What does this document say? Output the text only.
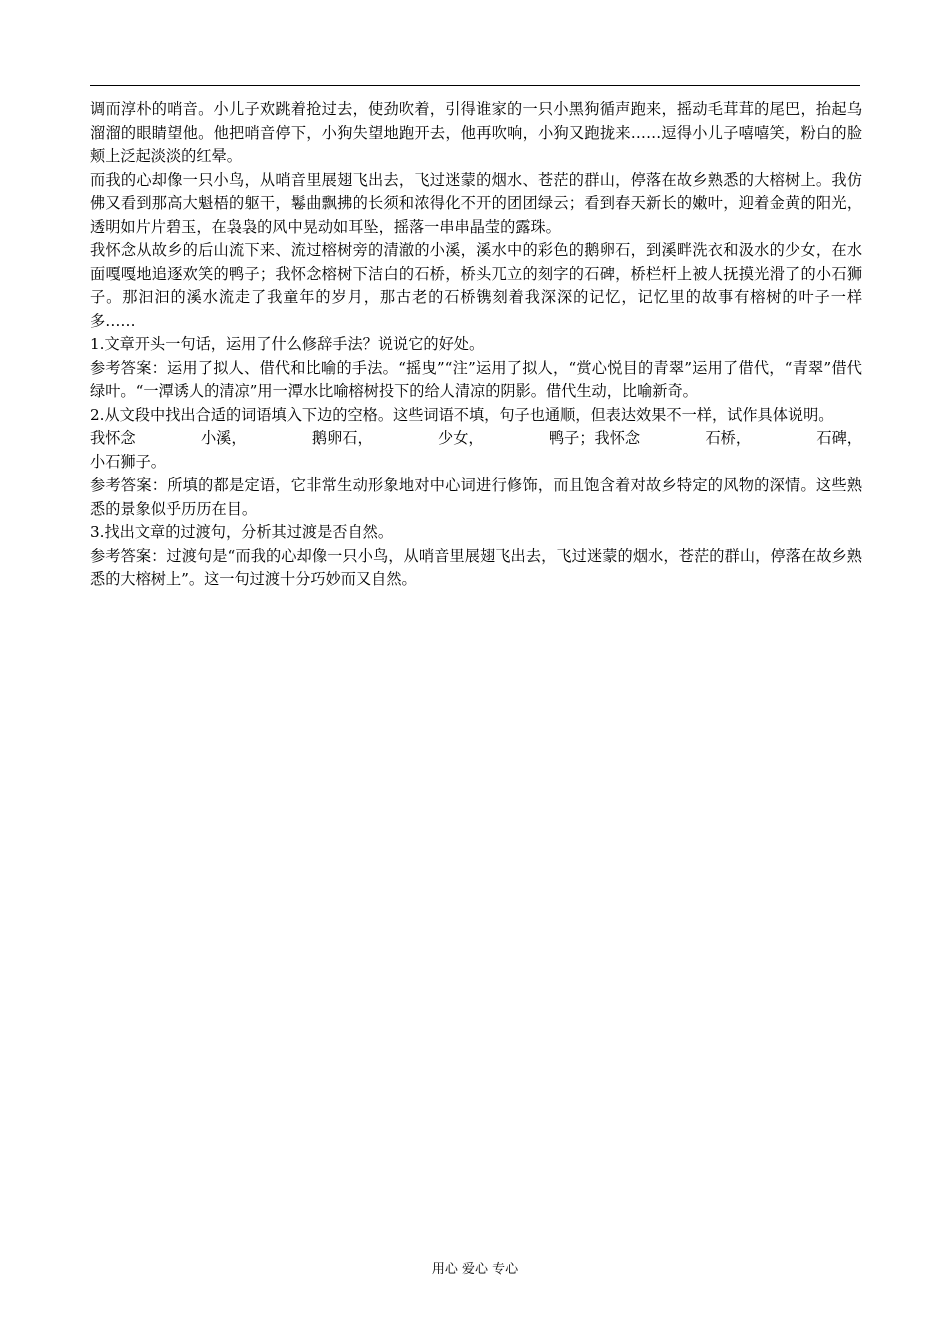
调而淳朴的哨音。小儿子欢跳着抢过去，使劲吹着，引得谁家的一只小黑狗循声跑来，摇动毛茸茸的尾巴，抬起乌溜溜的眼睛望他。他把哨音停下，小狗失望地跑开去，他再吹响，小狗又跑拢来……逗得小儿子嘻嘻笑，粉白的脸颊上泛起淡淡的红晕。

而我的心却像一只小鸟，从哨音里展翅飞出去，飞过迷蒙的烟水、苍茫的群山，停落在故乡熟悉的大榕树上。我仿佛又看到那高大魁梧的躯干，鬈曲飘拂的长须和浓得化不开的团团绿云；看到春天新长的嫩叶，迎着金黄的阳光，透明如片片碧玉，在袅袅的风中晃动如耳坠，摇落一串串晶莹的露珠。

我怀念从故乡的后山流下来、流过榕树旁的清澈的小溪，溪水中的彩色的鹅卵石，到溪畔洗衣和汲水的少女，在水面嘎嘎地追逐欢笑的鸭子；我怀念榕树下洁白的石桥，桥头兀立的刻字的石碑，桥栏杆上被人抚摸光滑了的小石狮子。那汩汩的溪水流走了我童年的岁月，那古老的石桥镌刻着我深深的记忆，记忆里的故事有榕树的叶子一样多……

1.文章开头一句话，运用了什么修辞手法？说说它的好处。

参考答案：运用了拟人、借代和比喻的手法。“摇曳”“注”运用了拟人，“赏心悦目的青翠”运用了借代，“青翠”借代绿叶。“一潭诱人的清凉”用一潭水比喻榕树投下的给人清凉的阴影。借代生动，比喻新奇。

2.从文段中找出合适的词语填入下边的空格。这些词语不填，句子也通顺，但表达效果不一样，试作具体说明。

我怀念	小溪，	鹅卵石，	少女，	鸭子；我怀念	石桥，	石碑，

小石狮子。

参考答案：所填的都是定语，它非常生动形象地对中心词进行修饰，而且饱含着对故乡特定的风物的深情。这些熟悉的景象似乎历历在目。

3.找出文章的过渡句，分析其过渡是否自然。

参考答案：过渡句是“而我的心却像一只小鸟，从哨音里展翅飞出去，飞过迷蒙的烟水，苍茫的群山，停落在故乡熟悉的大榕树上”。这一句过渡十分巧妙而又自然。

用心 爱心 专心
